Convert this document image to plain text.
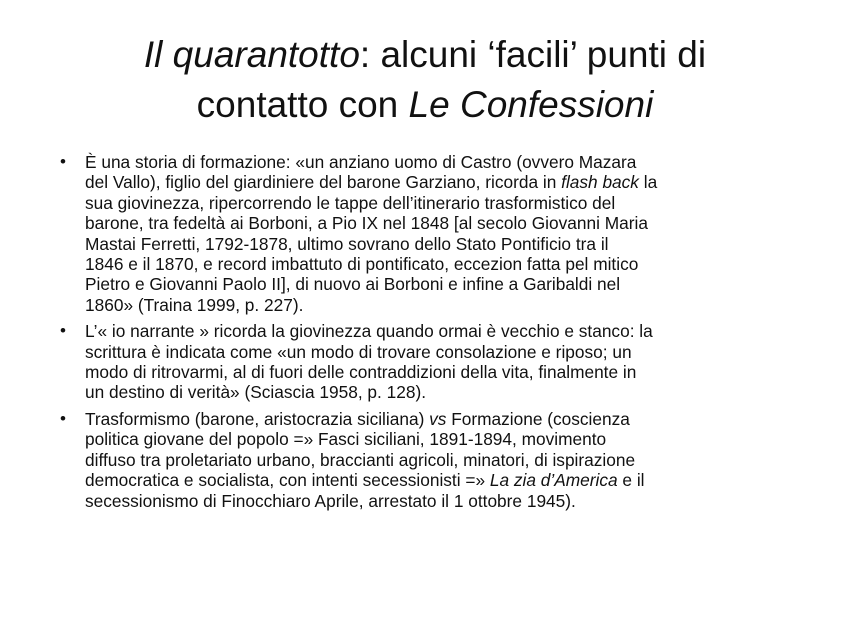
Il quarantotto: alcuni ‘facili’ punti di
contatto con Le Confessioni
• È una storia di formazione: «un anziano uomo di Castro (ovvero Mazara
del Vallo), figlio del giardiniere del barone Garziano, ricorda in flash back la
sua giovinezza, ripercorrendo le tappe dell’itinerario trasformistico del
barone, tra fedeltà ai Borboni, a Pio IX nel 1848 [al secolo Giovanni Maria
Mastai Ferretti, 1792-1878, ultimo sovrano dello Stato Pontificio tra il
1846 e il 1870, e record imbattuto di pontificato, eccezion fatta pel mitico
Pietro e Giovanni Paolo II], di nuovo ai Borboni e infine a Garibaldi nel
1860» (Traina 1999, p. 227).
• L’« io narrante » ricorda la giovinezza quando ormai è vecchio e stanco: la
scrittura è indicata come «un modo di trovare consolazione e riposo; un
modo di ritrovarmi, al di fuori delle contraddizioni della vita, finalmente in
un destino di verità» (Sciascia 1958, p. 128).
• Trasformismo (barone, aristocrazia siciliana) vs Formazione (coscienza
politica giovane del popolo =» Fasci siciliani, 1891-1894, movimento
diffuso tra proletariato urbano, braccianti agricoli, minatori, di ispirazione
democratica e socialista, con intenti secessionisti =» La zia d’America e il
secessionismo di Finocchiaro Aprile, arrestato il 1 ottobre 1945).
